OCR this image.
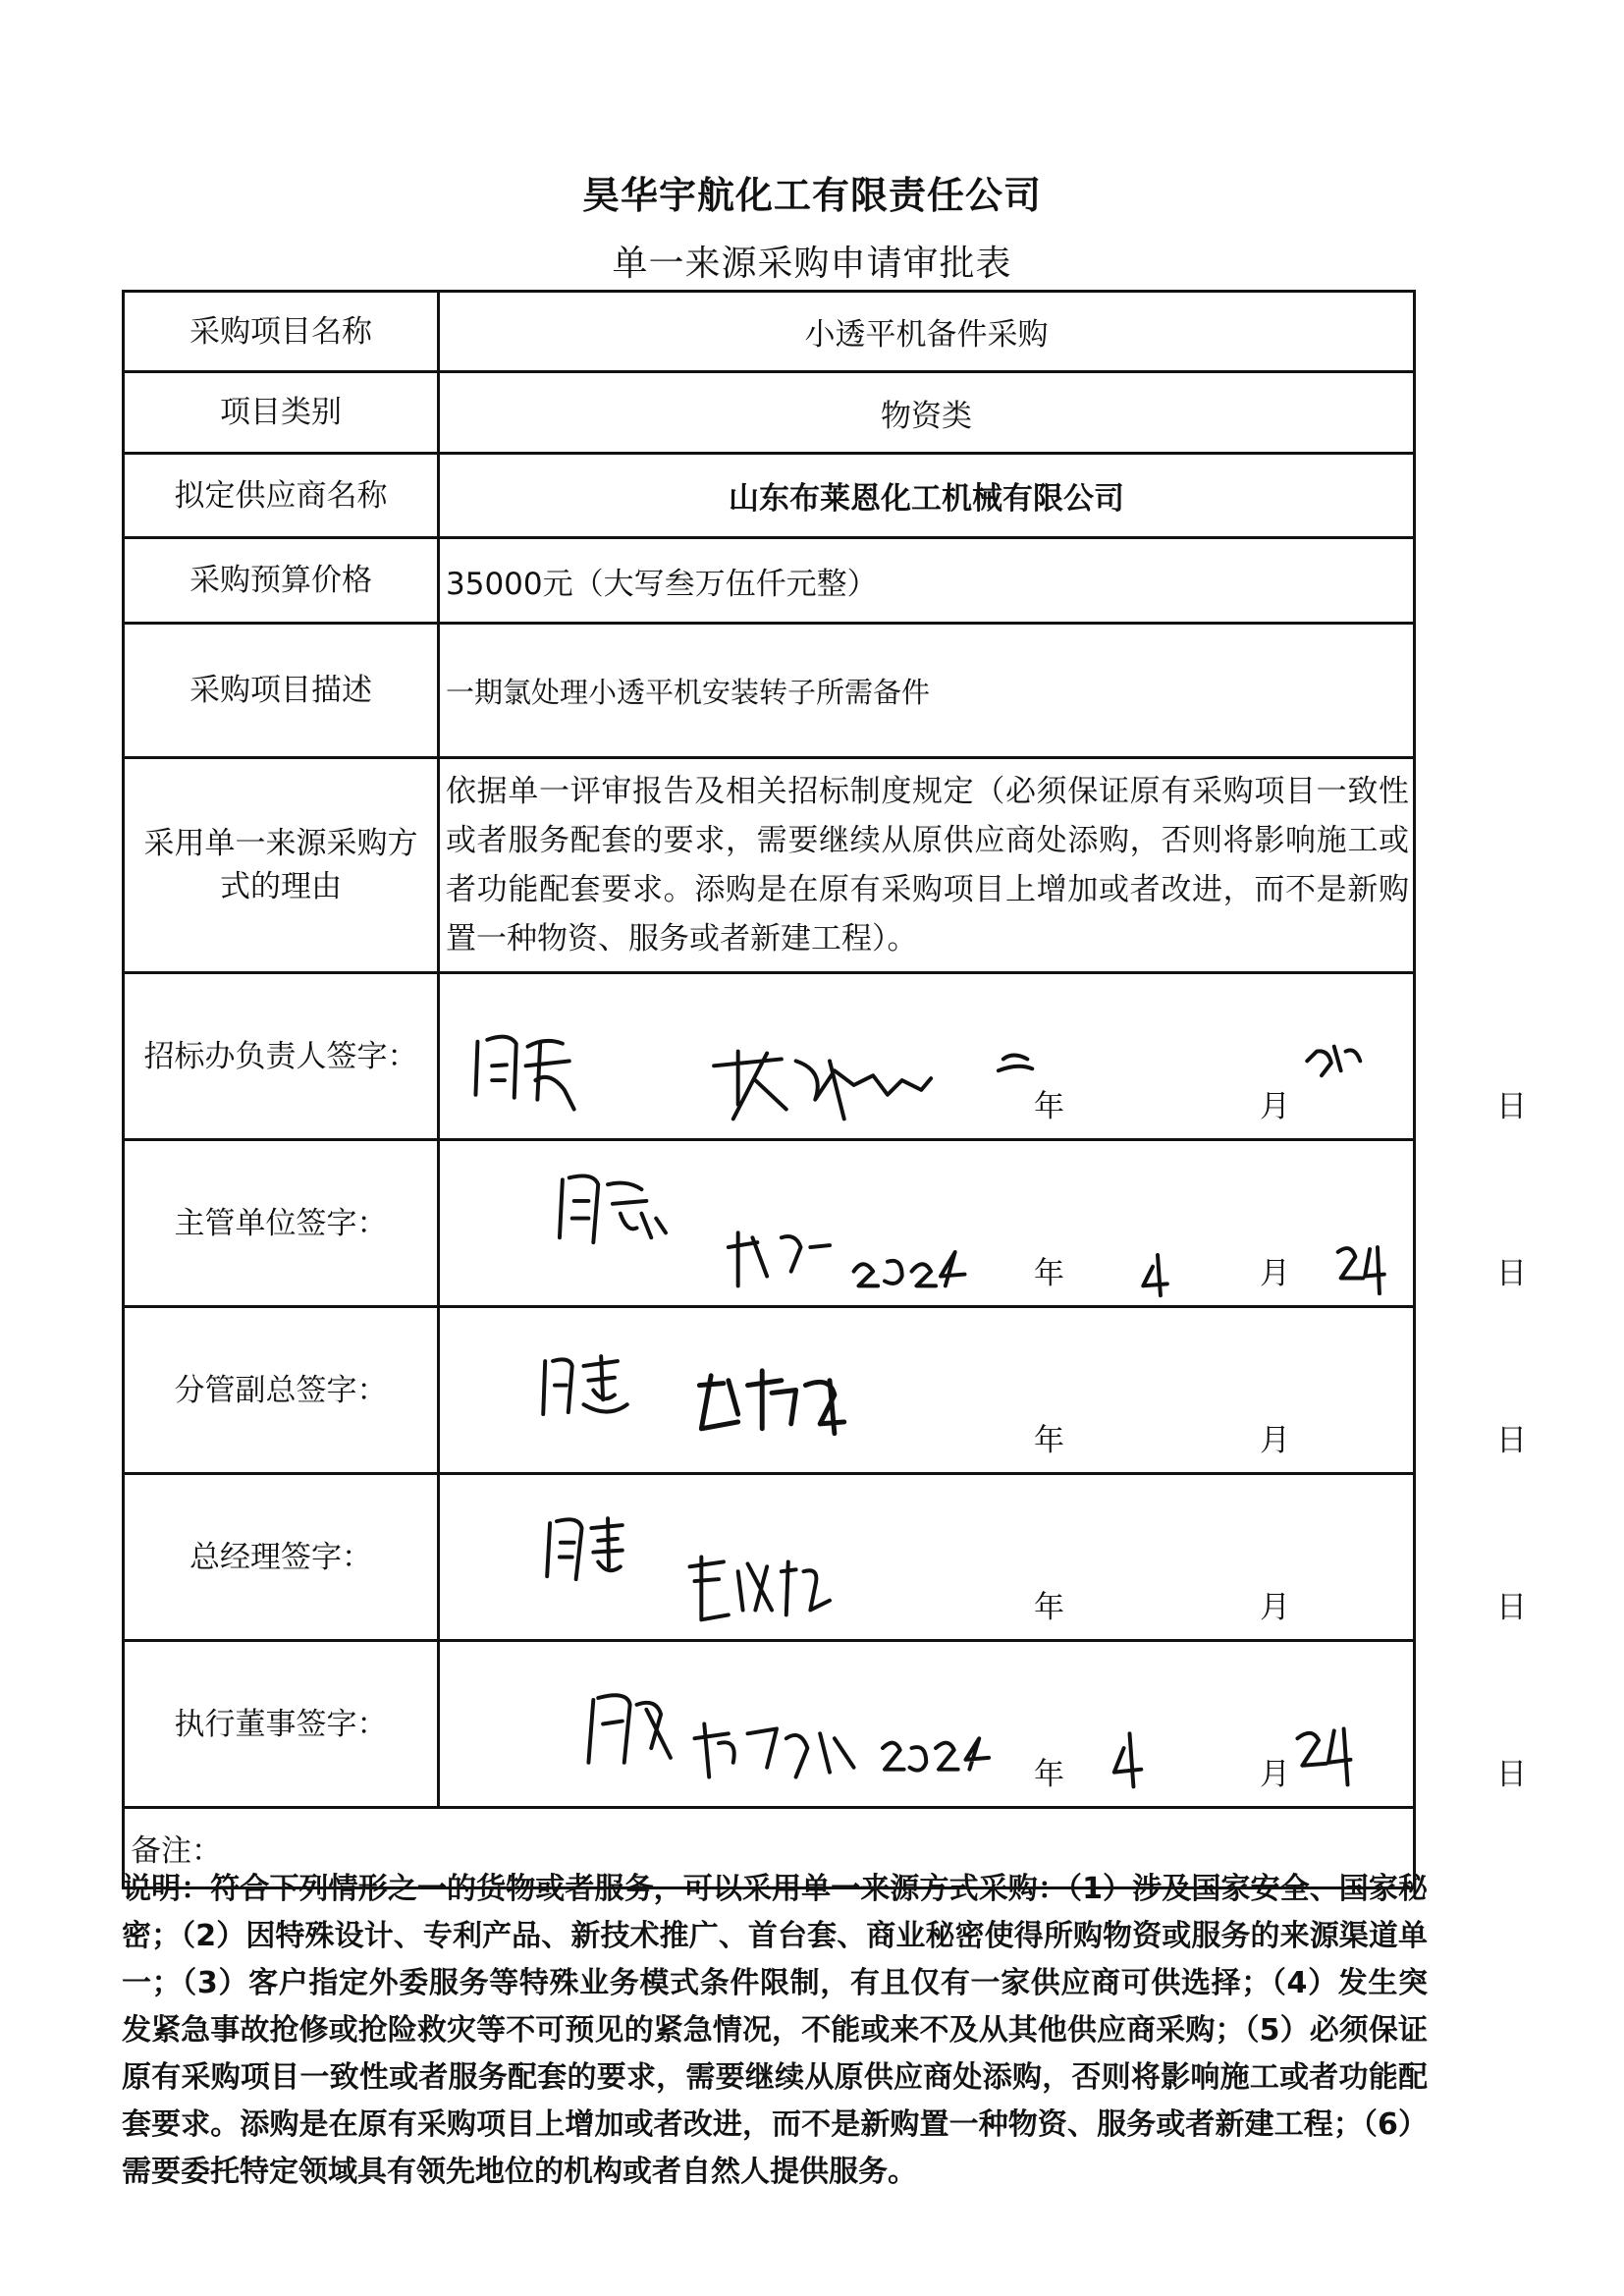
昊华宇航化工有限责任公司
单一来源采购申请审批表
采购项目名称	小透平机备件采购
项目类别	物资类
拟定供应商名称	山东布莱恩化工机械有限公司
采购预算价格	35000元（大写叁万伍仟元整）
采购项目描述	一期氯处理小透平机安装转子所需备件
采用单一来源采购方式的理由	依据单一评审报告及相关招标制度规定（必须保证原有采购项目一致性或者服务配套的要求，需要继续从原供应商处添购，否则将影响施工或者功能配套要求。添购是在原有采购项目上增加或者改进，而不是新购置一种物资、服务或者新建工程）。
招标办负责人签字：	年 月 日

主管单位签字：	年 月 日

分管副总签字：	年 月 日

总经理签字：	年 月 日

执行董事签字：	年 月 日

备注：	
说明：符合下列情形之一的货物或者服务，可以采用单一来源方式采购：（1）涉及国家安全、国家秘密；（2）因特殊设计、专利产品、新技术推广、首台套、商业秘密使得所购物资或服务的来源渠道单一；（3）客户指定外委服务等特殊业务模式条件限制，有且仅有一家供应商可供选择；（4）发生突发紧急事故抢修或抢险救灾等不可预见的紧急情况，不能或来不及从其他供应商采购；（5）必须保证原有采购项目一致性或者服务配套的要求，需要继续从原供应商处添购，否则将影响施工或者功能配套要求。添购是在原有采购项目上增加或者改进，而不是新购置一种物资、服务或者新建工程；（6）需要委托特定领域具有领先地位的机构或者自然人提供服务。
